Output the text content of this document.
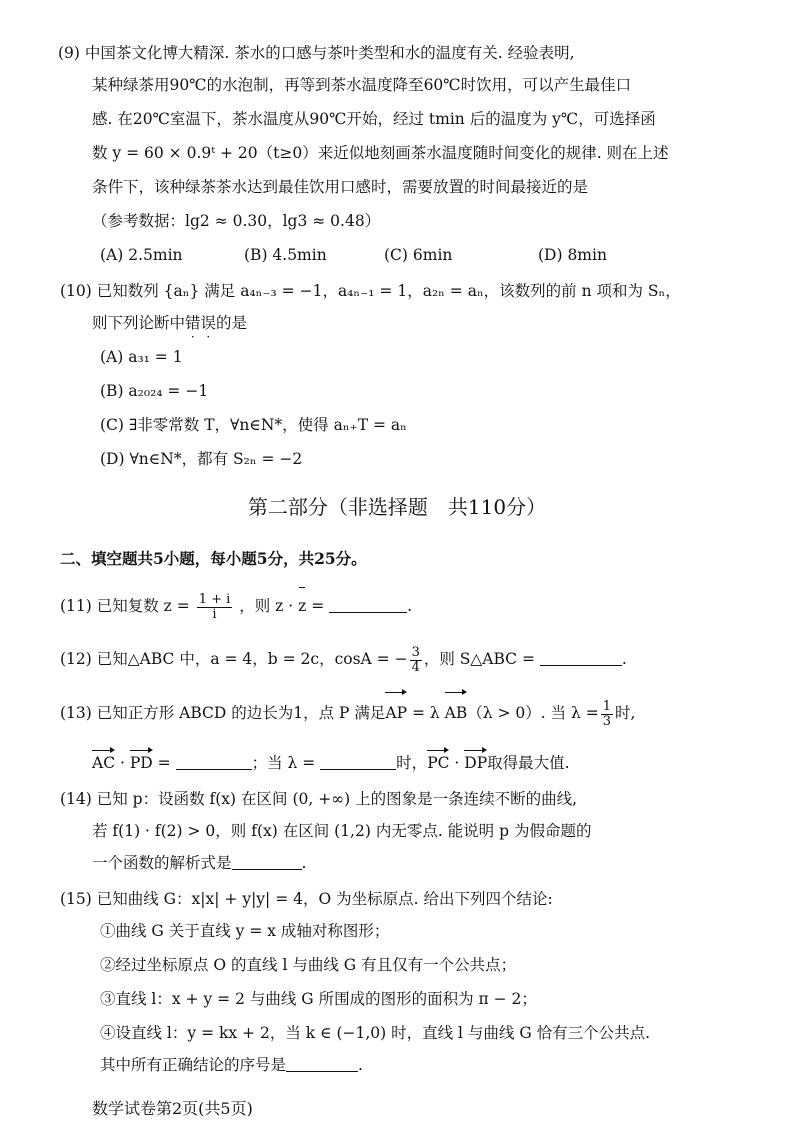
(9) 中国茶文化博大精深. 茶水的口感与茶叶类型和水的温度有关. 经验表明,
某种绿茶用90℃的水泡制，再等到茶水温度降至60℃时饮用，可以产生最佳口
感. 在20℃室温下，茶水温度从90℃开始，经过 tmin 后的温度为 y℃，可选择函
数 y = 60 × 0.9ᵗ + 20（t≥0）来近似地刻画茶水温度随时间变化的规律. 则在上述
条件下，该种绿茶茶水达到最佳饮用口感时，需要放置的时间最接近的是
（参考数据：lg2 ≈ 0.30，lg3 ≈ 0.48）
(A) 2.5min	(B) 4.5min	(C) 6min	(D) 8min
(10) 已知数列 {aₙ} 满足 a₄ₙ₋₃ = −1，a₄ₙ₋₁ = 1，a₂ₙ = aₙ，该数列的前 n 项和为 Sₙ，
则下列论断中错误的是
(A) a₃₁ = 1
(B) a₂₀₂₄ = −1
(C) ∃非零常数 T，∀n∈N*，使得 aₙ₊T = aₙ
(D) ∀n∈N*，都有 S₂ₙ = −2
第二部分（非选择题　共110分）
二、填空题共5小题，每小题5分，共25分。
(11) 已知复数 $z = \frac{1 + i}{i}$ ，则 z · z =	.
(12) 已知△ABC 中，a = 4，b = 2c，cosA = − $\frac{3}{4}$ ，则 S△ABC =	.
(13) 已知正方形 ABCD 的边长为1，点 P 满足AP = λ AB（λ > 0）. 当 $\lambda = \frac{1}{3}$ 时,
AC · PD =	；当 λ =	时，PC · DP取得最大值.
(14) 已知 p：设函数 f(x) 在区间 (0, +∞) 上的图象是一条连续不断的曲线,
若 f(1) · f(2) > 0，则 f(x) 在区间 (1,2) 内无零点. 能说明 p 为假命题的
一个函数的解析式是	.
(15) 已知曲线 G：x|x| + y|y| = 4，O 为坐标原点. 给出下列四个结论:
①曲线 G 关于直线 y = x 成轴对称图形；
②经过坐标原点 O 的直线 l 与曲线 G 有且仅有一个公共点；
③直线 l：x + y = 2 与曲线 G 所围成的图形的面积为 π − 2；
④设直线 l：y = kx + 2，当 k ∈ (−1,0) 时，直线 l 与曲线 G 恰有三个公共点.
其中所有正确结论的序号是	.
数学试卷第2页(共5页)
